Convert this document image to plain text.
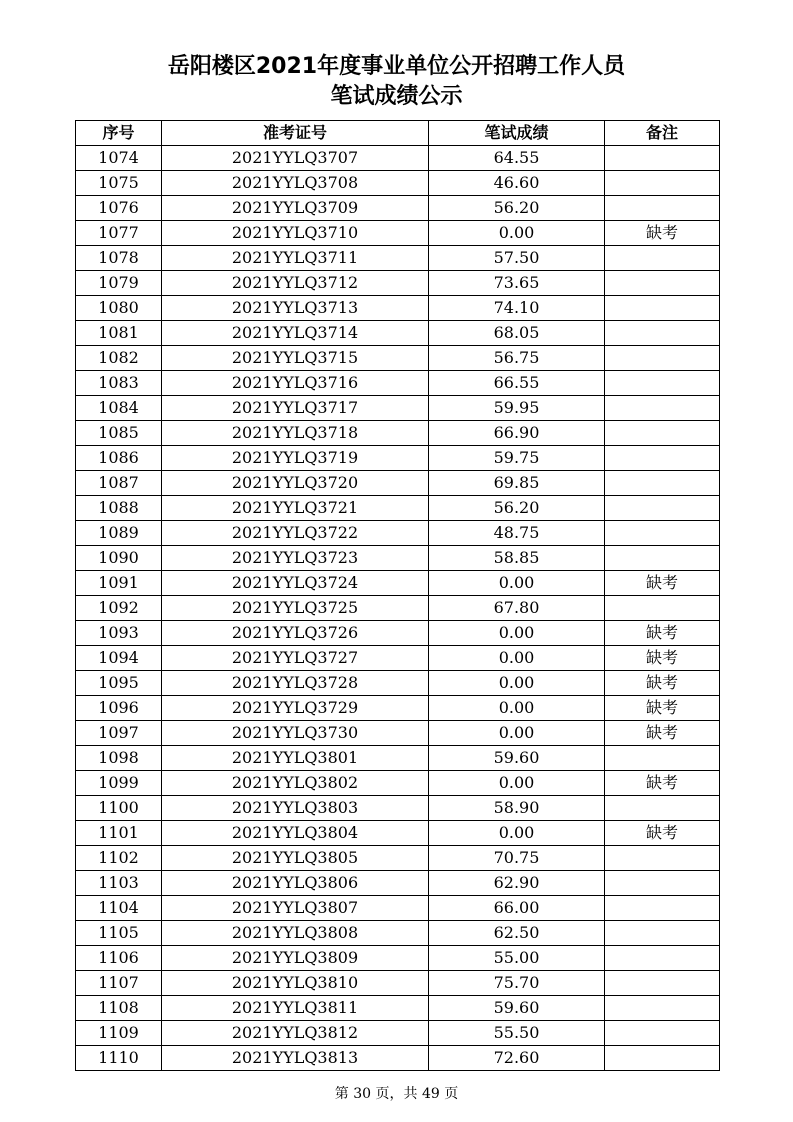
岳阳楼区2021年度事业单位公开招聘工作人员
笔试成绩公示
序号	准考证号	笔试成绩	备注
1074	2021YYLQ3707	64.55	
1075	2021YYLQ3708	46.60	
1076	2021YYLQ3709	56.20	
1077	2021YYLQ3710	0.00	缺考
1078	2021YYLQ3711	57.50	
1079	2021YYLQ3712	73.65	
1080	2021YYLQ3713	74.10	
1081	2021YYLQ3714	68.05	
1082	2021YYLQ3715	56.75	
1083	2021YYLQ3716	66.55	
1084	2021YYLQ3717	59.95	
1085	2021YYLQ3718	66.90	
1086	2021YYLQ3719	59.75	
1087	2021YYLQ3720	69.85	
1088	2021YYLQ3721	56.20	
1089	2021YYLQ3722	48.75	
1090	2021YYLQ3723	58.85	
1091	2021YYLQ3724	0.00	缺考
1092	2021YYLQ3725	67.80	
1093	2021YYLQ3726	0.00	缺考
1094	2021YYLQ3727	0.00	缺考
1095	2021YYLQ3728	0.00	缺考
1096	2021YYLQ3729	0.00	缺考
1097	2021YYLQ3730	0.00	缺考
1098	2021YYLQ3801	59.60	
1099	2021YYLQ3802	0.00	缺考
1100	2021YYLQ3803	58.90	
1101	2021YYLQ3804	0.00	缺考
1102	2021YYLQ3805	70.75	
1103	2021YYLQ3806	62.90	
1104	2021YYLQ3807	66.00	
1105	2021YYLQ3808	62.50	
1106	2021YYLQ3809	55.00	
1107	2021YYLQ3810	75.70	
1108	2021YYLQ3811	59.60	
1109	2021YYLQ3812	55.50	
1110	2021YYLQ3813	72.60	
第 30 页，共 49 页
